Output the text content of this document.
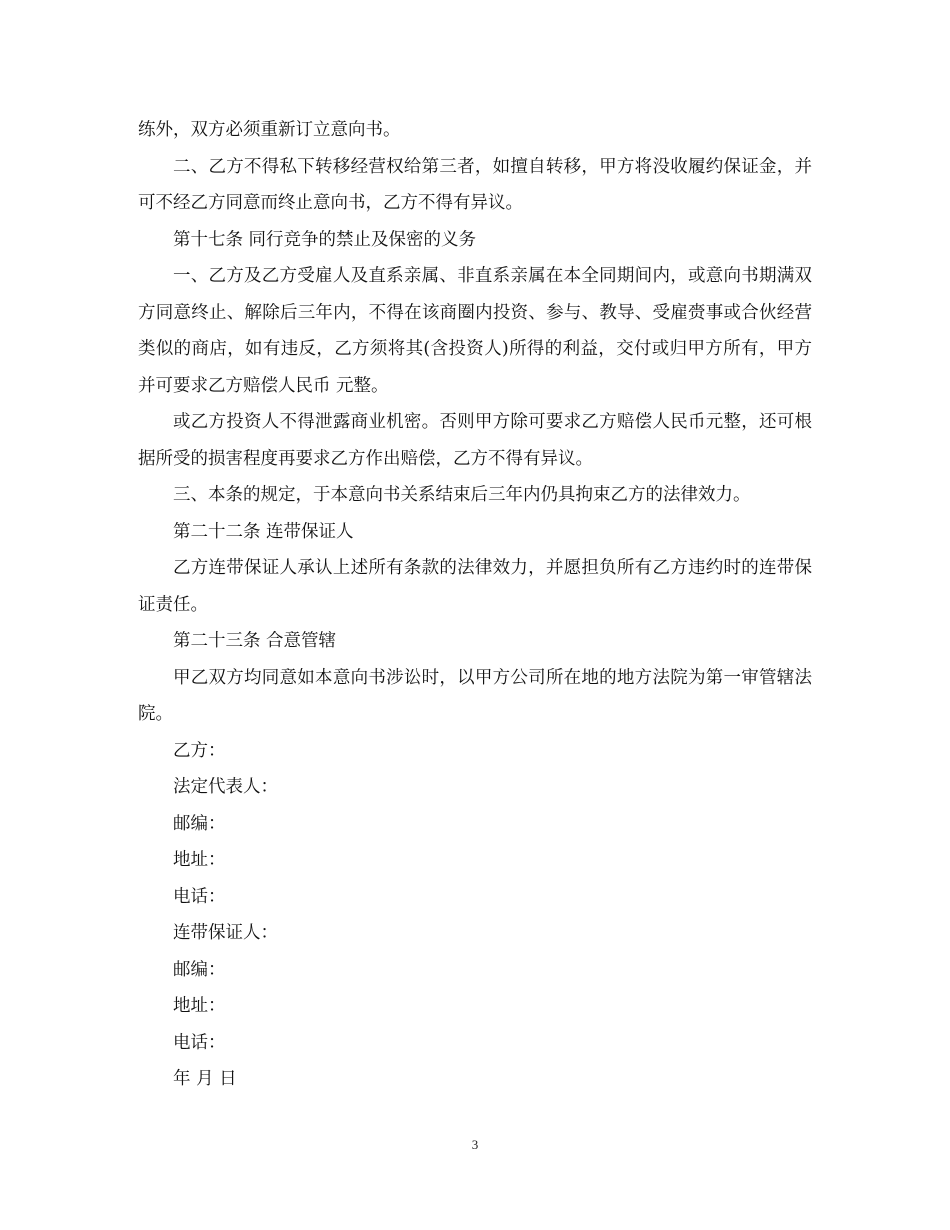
练外，双方必须重新订立意向书。

二、乙方不得私下转移经营权给第三者，如擅自转移，甲方将没收履约保证金，并可不经乙方同意而终止意向书，乙方不得有异议。

第十七条 同行竞争的禁止及保密的义务

一、乙方及乙方受雇人及直系亲属、非直系亲属在本全同期间内，或意向书期满双方同意终止、解除后三年内，不得在该商圈内投资、参与、教导、受雇赍事或合伙经营类似的商店，如有违反，乙方须将其(含投资人)所得的利益，交付或归甲方所有，甲方并可要求乙方赔偿人民币 元整。

或乙方投资人不得泄露商业机密。否则甲方除可要求乙方赔偿人民币元整，还可根据所受的损害程度再要求乙方作出赔偿，乙方不得有异议。

三、本条的规定，于本意向书关系结束后三年内仍具拘束乙方的法律效力。

第二十二条 连带保证人

乙方连带保证人承认上述所有条款的法律效力，并愿担负所有乙方违约时的连带保证责任。

第二十三条 合意管辖

甲乙双方均同意如本意向书涉讼时，以甲方公司所在地的地方法院为第一审管辖法院。

乙方：

法定代表人：

邮编：

地址：

电话：

连带保证人：

邮编：

地址：

电话：

年 月 日

3
